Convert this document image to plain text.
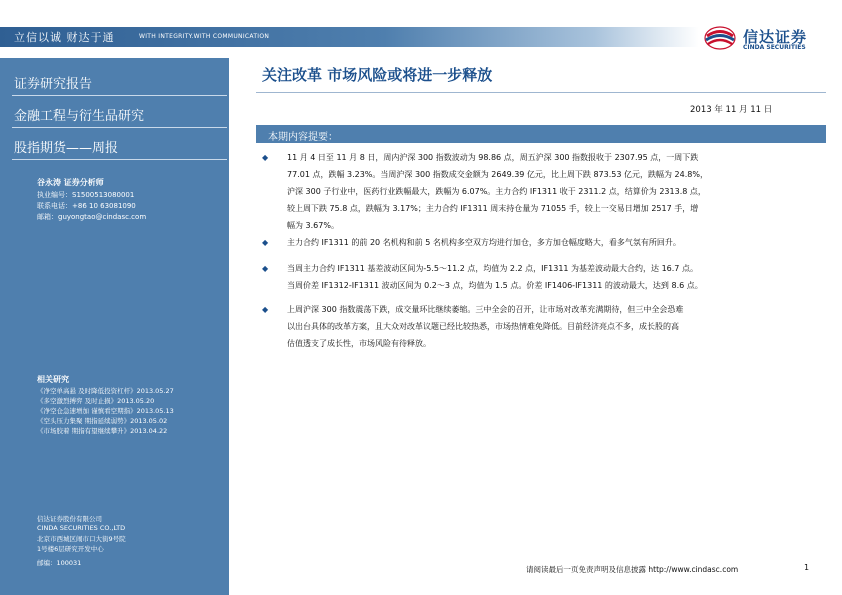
立信以诚 财达于通	WITH INTEGRITY.WITH COMMUNICATION	信达证券
CINDA SECURITIES
证券研究报告
金融工程与衍生品研究
股指期货——周报
谷永涛 证券分析师
执业编号：S1500513080001
联系电话：+86 10 63081090
邮箱：guyongtao@cindasc.com
相关研究
《净空单高悬 及时降低投资杠杆》2013.05.27
《多空激烈搏弈 及时止损》2013.05.20
《净空仓急速增加 谨慎看空期指》2013.05.13
《空头压力集聚 期指延续弱势》2013.05.02
《市场胶着 期指有望继续攀升》2013.04.22
信达证券股份有限公司
CINDA SECURITIES CO.,LTD
北京市西城区闹市口大街9号院
1号楼6层研究开发中心
邮编：100031
关注改革 市场风险或将进一步释放
2013 年 11 月 11 日
本期内容提要：
◆ 11 月 4 日至 11 月 8 日，周内沪深 300 指数波动为 98.86 点，周五沪深 300 指数报收于 2307.95 点，一周下跌
77.01 点，跌幅 3.23%。当周沪深 300 指数成交金额为 2649.39 亿元，比上周下跌 873.53 亿元，跌幅为 24.8%，
沪深 300 子行业中，医药行业跌幅最大，跌幅为 6.07%。主力合约 IF1311 收于 2311.2 点，结算价为 2313.8 点，
较上周下跌 75.8 点，跌幅为 3.17%；主力合约 IF1311 周末持仓量为 71055 手，较上一交易日增加 2517 手，增
幅为 3.67%。
◆ 主力合约 IF1311 的前 20 名机构和前 5 名机构多空双方均进行加仓，多方加仓幅度略大，看多气氛有所回升。
◆ 当周主力合约 IF1311 基差波动区间为-5.5～11.2 点，均值为 2.2 点，IF1311 为基差波动最大合约，达 16.7 点。
当周价差 IF1312-IF1311 波动区间为 0.2～3 点，均值为 1.5 点。价差 IF1406-IF1311 的波动最大，达到 8.6 点。
◆ 上周沪深 300 指数震荡下跌，成交量环比继续萎缩。三中全会的召开，让市场对改革充满期待，但三中全会恐难
以出台具体的改革方案，且大众对改革议题已经比较热悉，市场热情难免降低。目前经济亮点不多，成长股的高
估值透支了成长性，市场风险有待释放。
请阅读最后一页免责声明及信息披露 http://www.cindasc.com	1
